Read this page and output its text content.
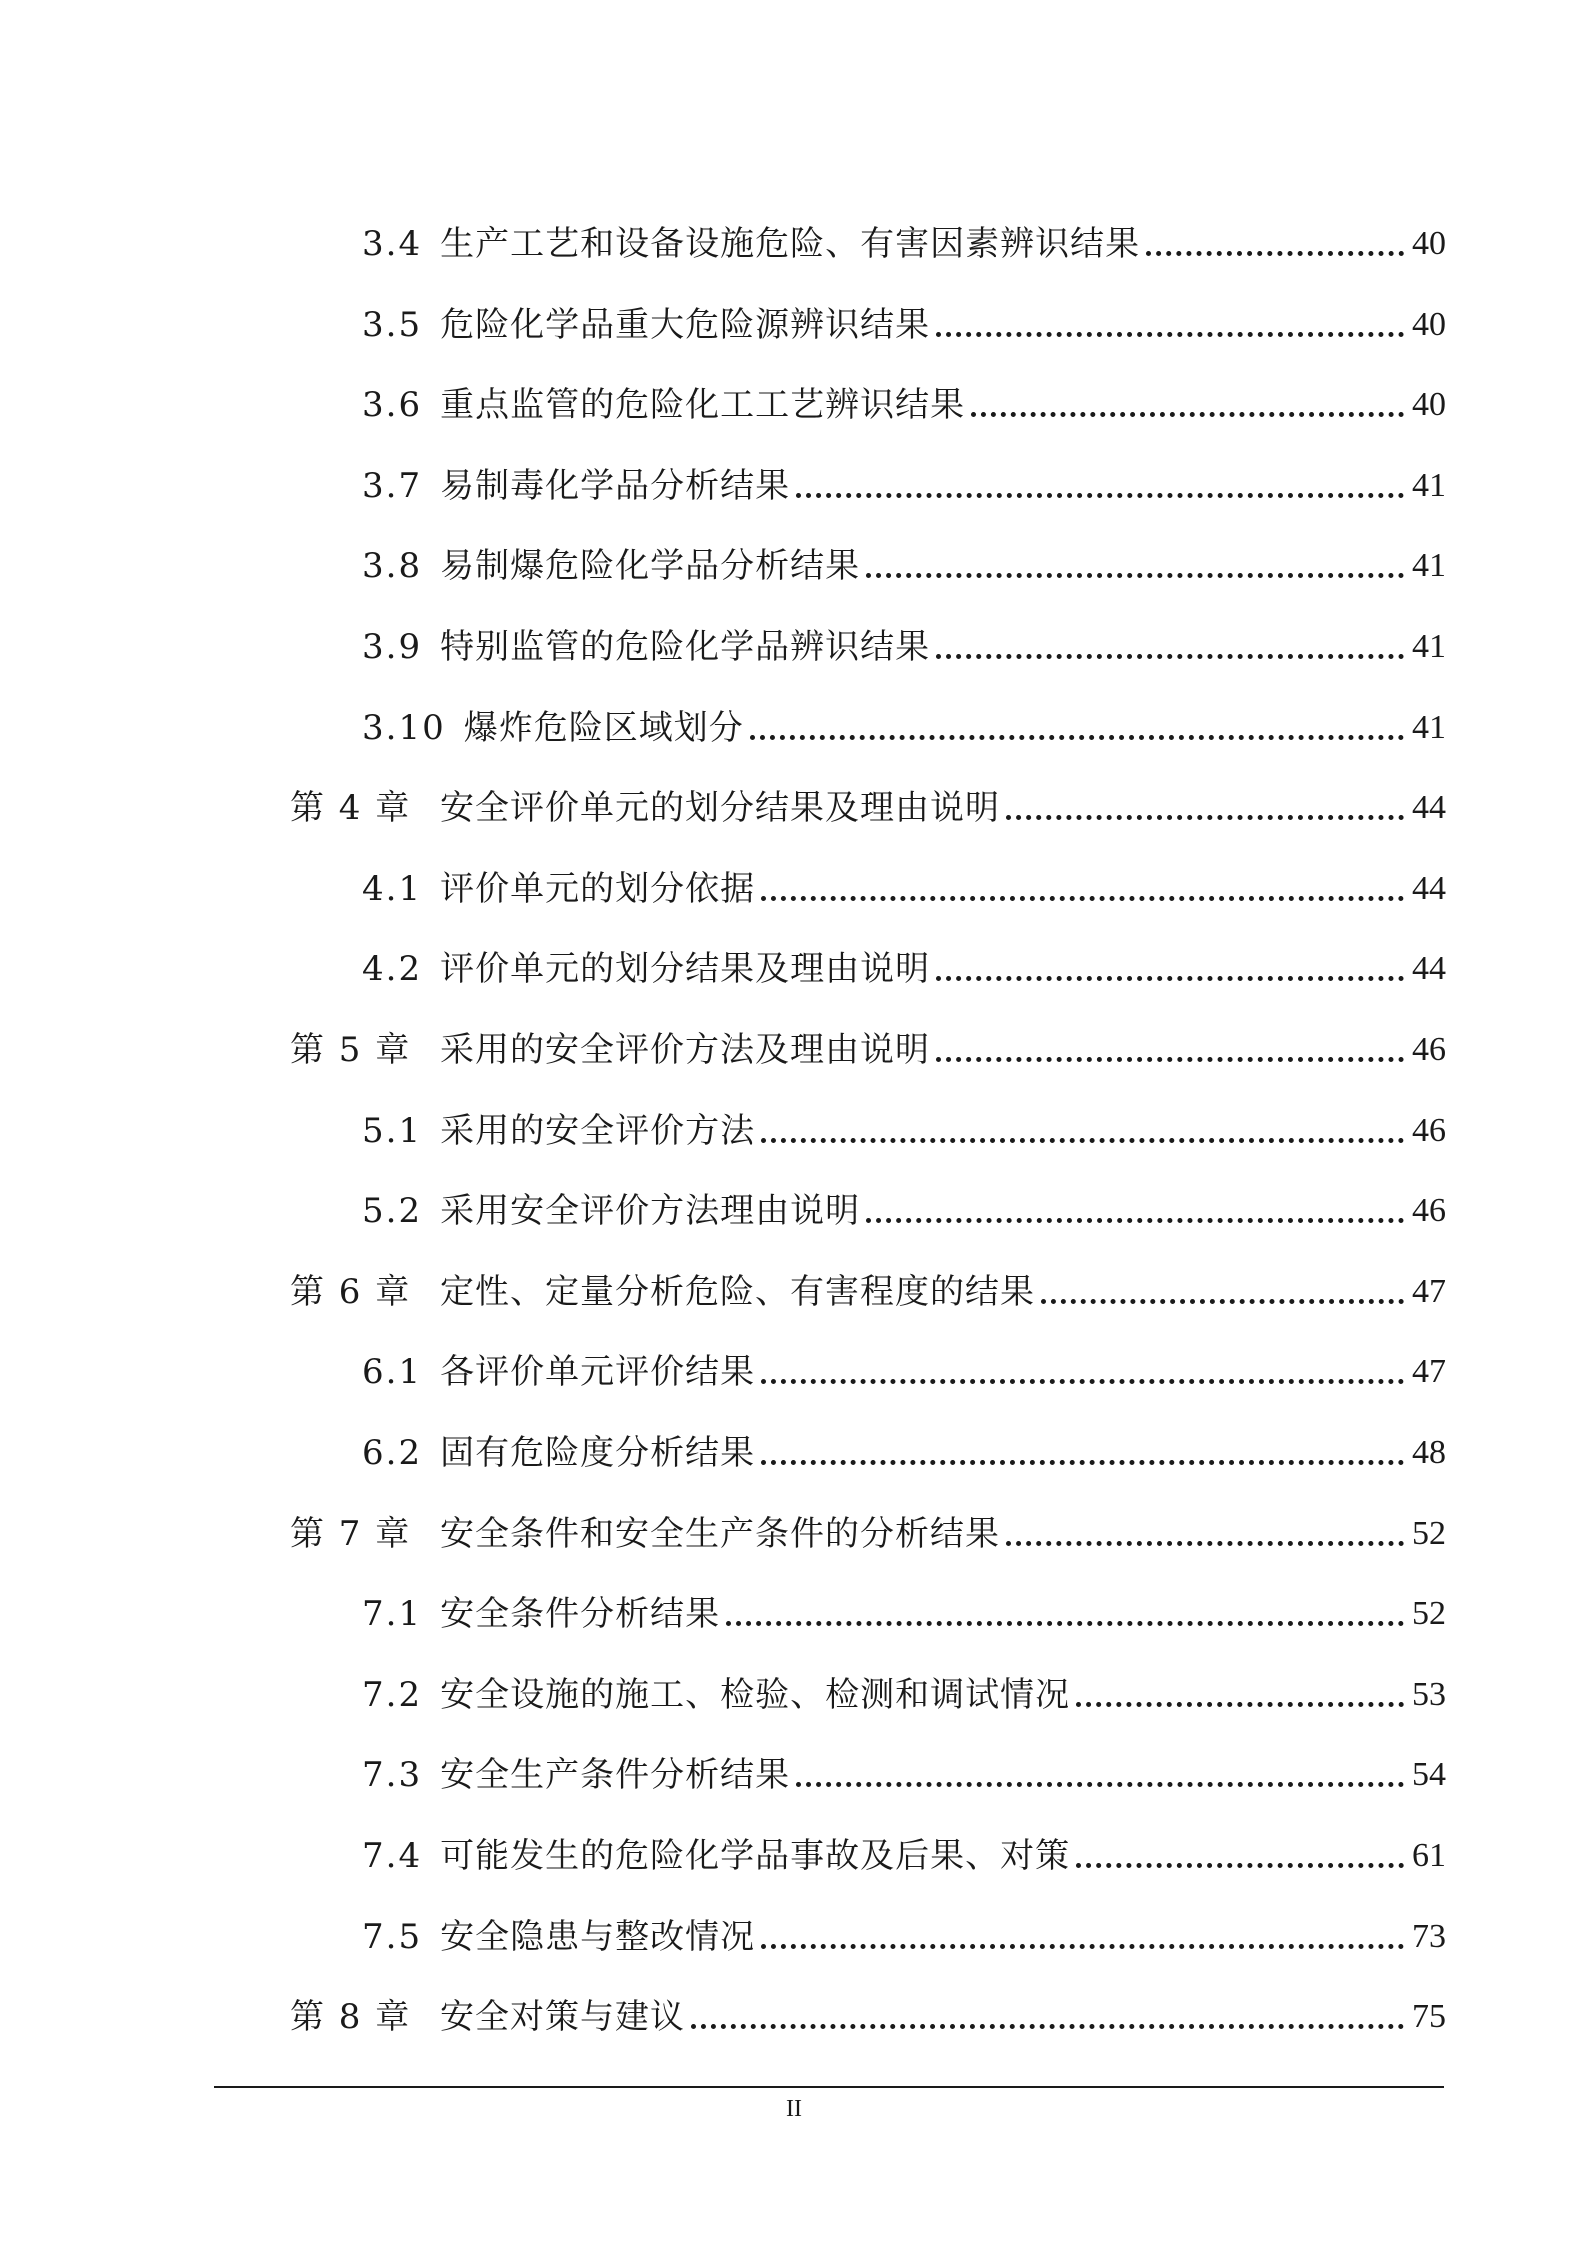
3.4 生产工艺和设备设施危险、有害因素辨识结果	40
3.5 危险化学品重大危险源辨识结果	40
3.6 重点监管的危险化工工艺辨识结果	40
3.7 易制毒化学品分析结果	41
3.8 易制爆危险化学品分析结果	41
3.9 特别监管的危险化学品辨识结果	41
3.10 爆炸危险区域划分	41
第 4 章 安全评价单元的划分结果及理由说明	44
4.1 评价单元的划分依据	44
4.2 评价单元的划分结果及理由说明	44
第 5 章 采用的安全评价方法及理由说明	46
5.1 采用的安全评价方法	46
5.2 采用安全评价方法理由说明	46
第 6 章 定性、定量分析危险、有害程度的结果	47
6.1 各评价单元评价结果	47
6.2 固有危险度分析结果	48
第 7 章 安全条件和安全生产条件的分析结果	52
7.1 安全条件分析结果	52
7.2 安全设施的施工、检验、检测和调试情况	53
7.3 安全生产条件分析结果	54
7.4 可能发生的危险化学品事故及后果、对策	61
7.5 安全隐患与整改情况	73
第 8 章 安全对策与建议	75
II
